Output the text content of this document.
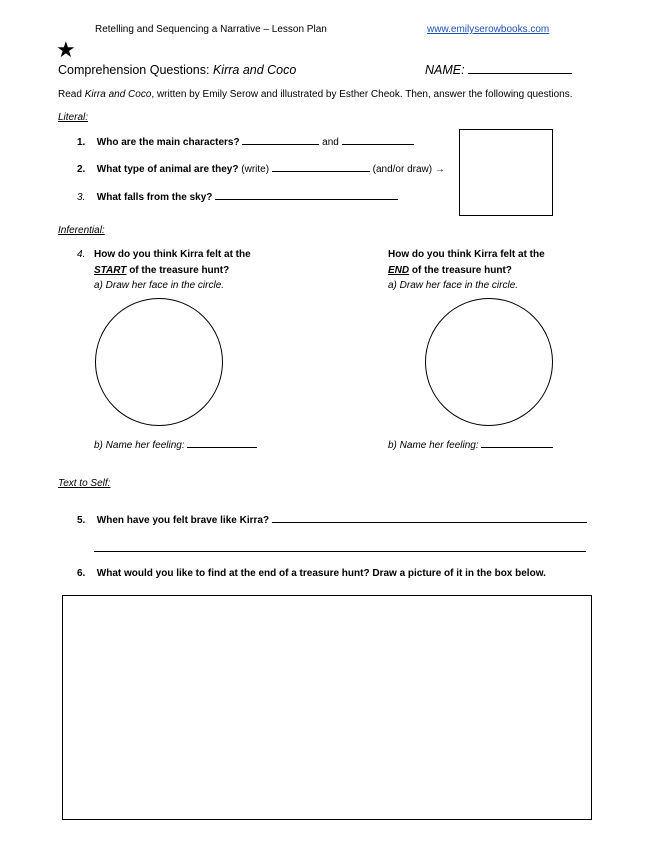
Retelling and Sequencing a Narrative – Lesson Plan	www.emilyserowbooks.com
★
Comprehension Questions: Kirra and Coco	NAME:
Read Kirra and Coco, written by Emily Serow and illustrated by Esther Cheok. Then, answer the following questions.
Literal:
1. Who are the main characters?	and
2. What type of animal are they? (write)	(and/or draw) →
3. What falls from the sky?
Inferential:
4. How do you think Kirra felt at the
START of the treasure hunt?
a) Draw her face in the circle.
b) Name her feeling:
How do you think Kirra felt at the
END of the treasure hunt?
a) Draw her face in the circle.
b) Name her feeling:
Text to Self:
5. When have you felt brave like Kirra?
6. What would you like to find at the end of a treasure hunt? Draw a picture of it in the box below.
